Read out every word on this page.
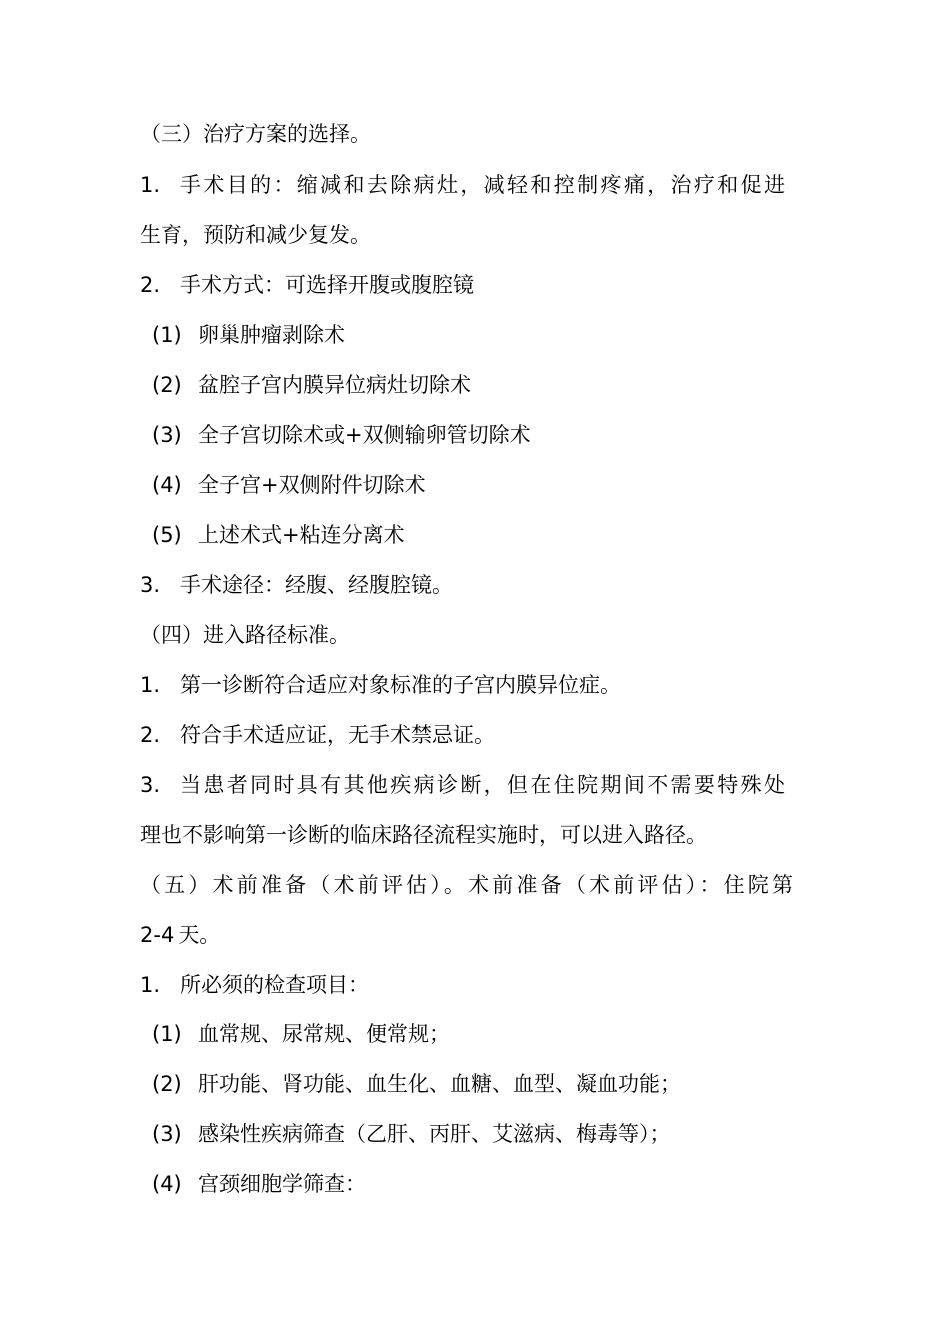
（三）治疗方案的选择。
1. 手术目的：缩减和去除病灶，减轻和控制疼痛，治疗和促进
生育，预防和减少复发。
2. 手术方式：可选择开腹或腹腔镜
(1) 卵巢肿瘤剥除术
(2) 盆腔子宫内膜异位病灶切除术
(3) 全子宫切除术或+双侧输卵管切除术
(4) 全子宫+双侧附件切除术
(5) 上述术式+粘连分离术
3. 手术途径：经腹、经腹腔镜。
（四）进入路径标准。
1. 第一诊断符合适应对象标准的子宫内膜异位症。
2. 符合手术适应证，无手术禁忌证。
3. 当患者同时具有其他疾病诊断，但在住院期间不需要特殊处
理也不影响第一诊断的临床路径流程实施时，可以进入路径。
（五）术前准备（术前评估）。术前准备（术前评估）：住院第
2-4 天。
1. 所必须的检查项目：
(1) 血常规、尿常规、便常规；
(2) 肝功能、肾功能、血生化、血糖、血型、凝血功能；
(3) 感染性疾病筛查（乙肝、丙肝、艾滋病、梅毒等）；
(4) 宫颈细胞学筛查：
